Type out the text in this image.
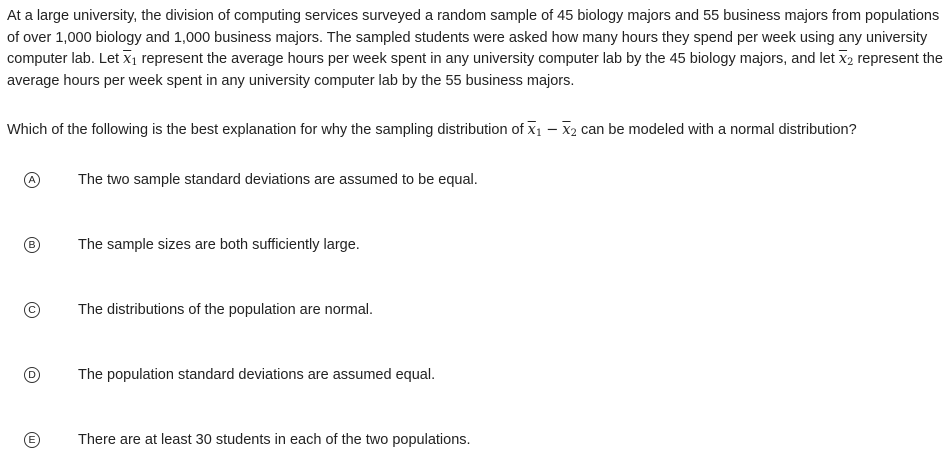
At a large university, the division of computing services surveyed a random sample of 45 biology majors and 55 business majors from populations of over 1,000 biology and 1,000 business majors. The sampled students were asked how many hours they spend per week using any university computer lab. Let $\overline{x}_1$ represent the average hours per week spent in any university computer lab by the 45 biology majors, and let $\overline{x}_2$ represent the average hours per week spent in any university computer lab by the 55 business majors.

Which of the following is the best explanation for why the sampling distribution of $\overline{x}_1 - \overline{x}_2$ can be modeled with a normal distribution?

A	The two sample standard deviations are assumed to be equal.
B	The sample sizes are both sufficiently large.
C	The distributions of the population are normal.
D	The population standard deviations are assumed equal.
E	There are at least 30 students in each of the two populations.
